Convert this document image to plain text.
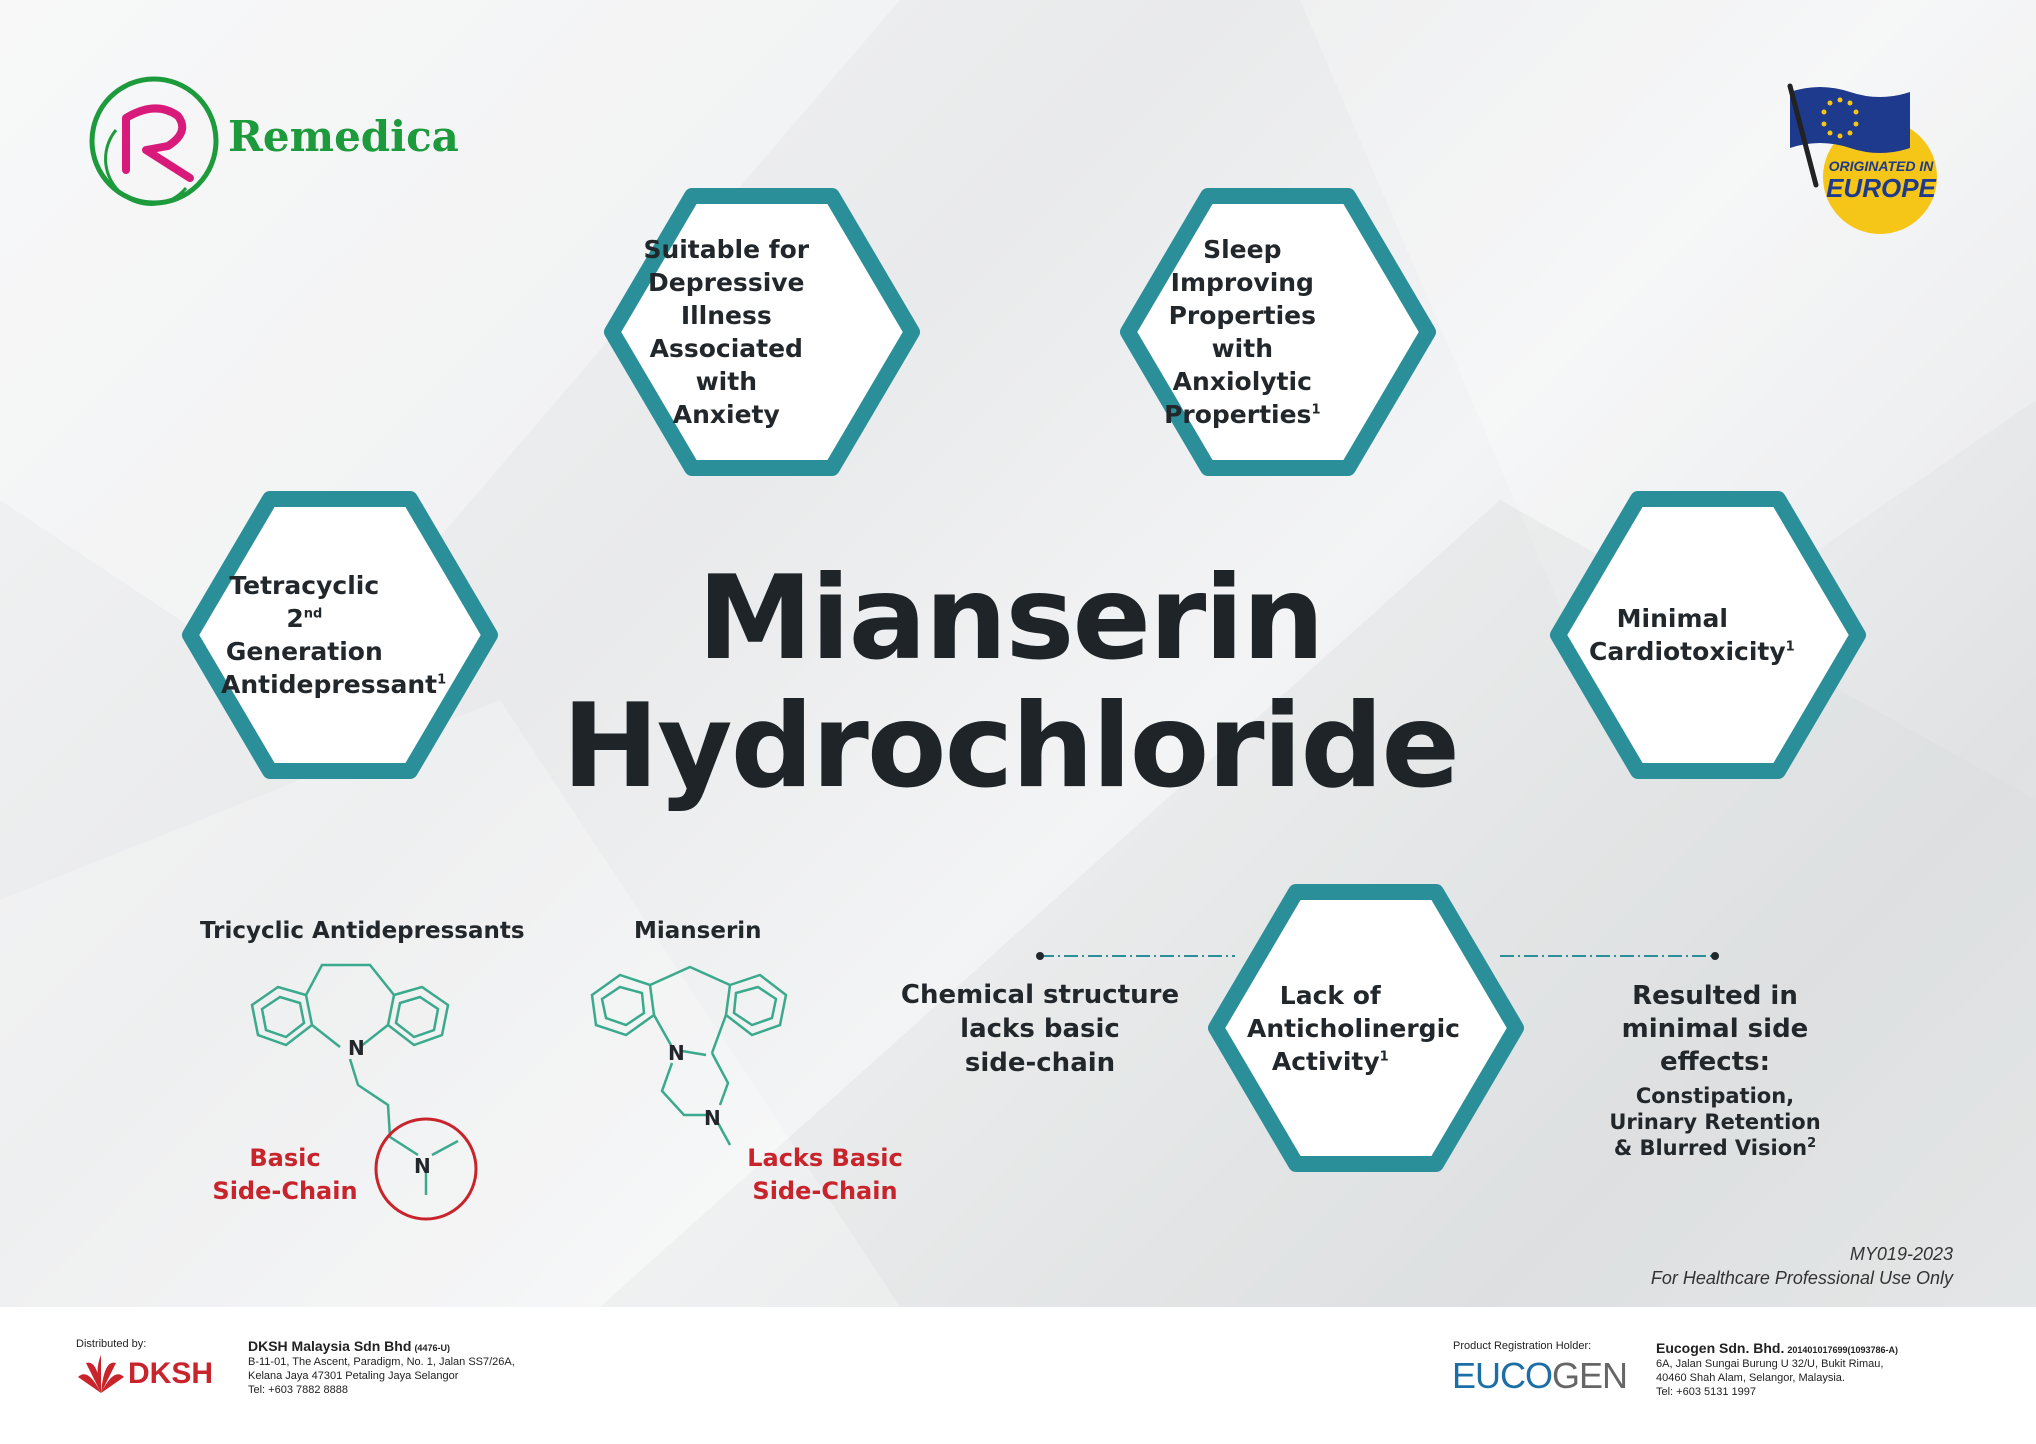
Remedica
ORIGINATED IN
EUROPE
Suitable for
Depressive Illness
Associated with
Anxiety
Sleep Improving
Properties
with Anxiolytic
Properties$^1$
Tetracyclic
2nd Generation
Antidepressant$^1$
Minimal
Cardiotoxicity$^1$
Lack of
Anticholinergic
Activity$^1$
Mianserin
Hydrochloride
Chemical structure
lacks basic
side-chain
Resulted in
minimal side
effects:
Constipation,
Urinary Retention
& Blurred Vision$^2$
Tricyclic Antidepressants	Mianserin
N
N
Basic
Side-Chain
N
N
Lacks Basic
Side-Chain
MY019-2023
For Healthcare Professional Use Only
Distributed by:
DKSH
DKSH Malaysia Sdn Bhd (4476-U)
B-11-01, The Ascent, Paradigm, No. 1, Jalan SS7/26A,
Kelana Jaya 47301 Petaling Jaya Selangor
Tel: +603 7882 8888
Product Registration Holder:
EUCOGEN
Eucogen Sdn. Bhd. 201401017699(1093786-A)
6A, Jalan Sungai Burung U 32/U, Bukit Rimau,
40460 Shah Alam, Selangor, Malaysia.
Tel: +603 5131 1997
